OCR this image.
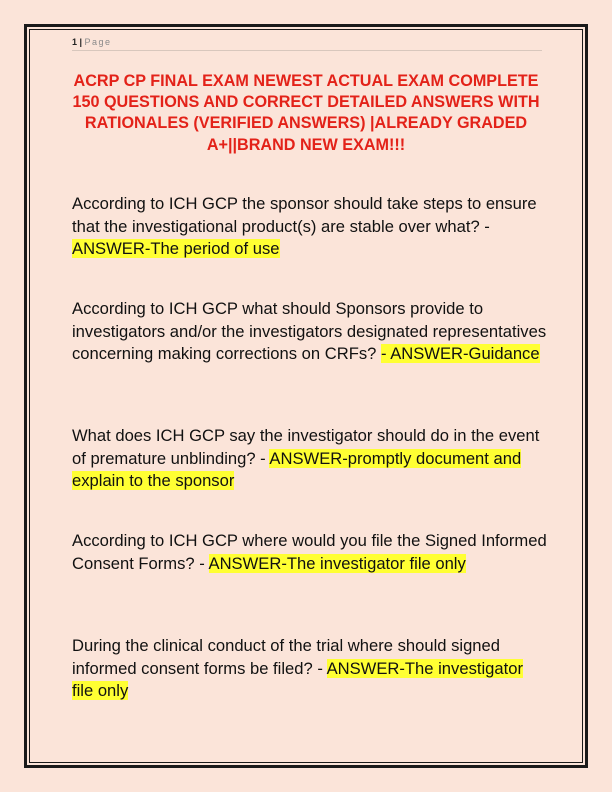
1 | Page

ACRP CP FINAL EXAM NEWEST ACTUAL EXAM COMPLETE 150 QUESTIONS AND CORRECT DETAILED ANSWERS WITH RATIONALES (VERIFIED ANSWERS) |ALREADY GRADED A+||BRAND NEW EXAM!!!

According to ICH GCP the sponsor should take steps to ensure that the investigational product(s) are stable over what? - ANSWER-The period of use

According to ICH GCP what should Sponsors provide to investigators and/or the investigators designated representatives concerning making corrections on CRFs? - ANSWER-Guidance

What does ICH GCP say the investigator should do in the event of premature unblinding? - ANSWER-promptly document and explain to the sponsor

According to ICH GCP where would you file the Signed Informed Consent Forms? - ANSWER-The investigator file only

During the clinical conduct of the trial where should signed informed consent forms be filed? - ANSWER-The investigator file only
